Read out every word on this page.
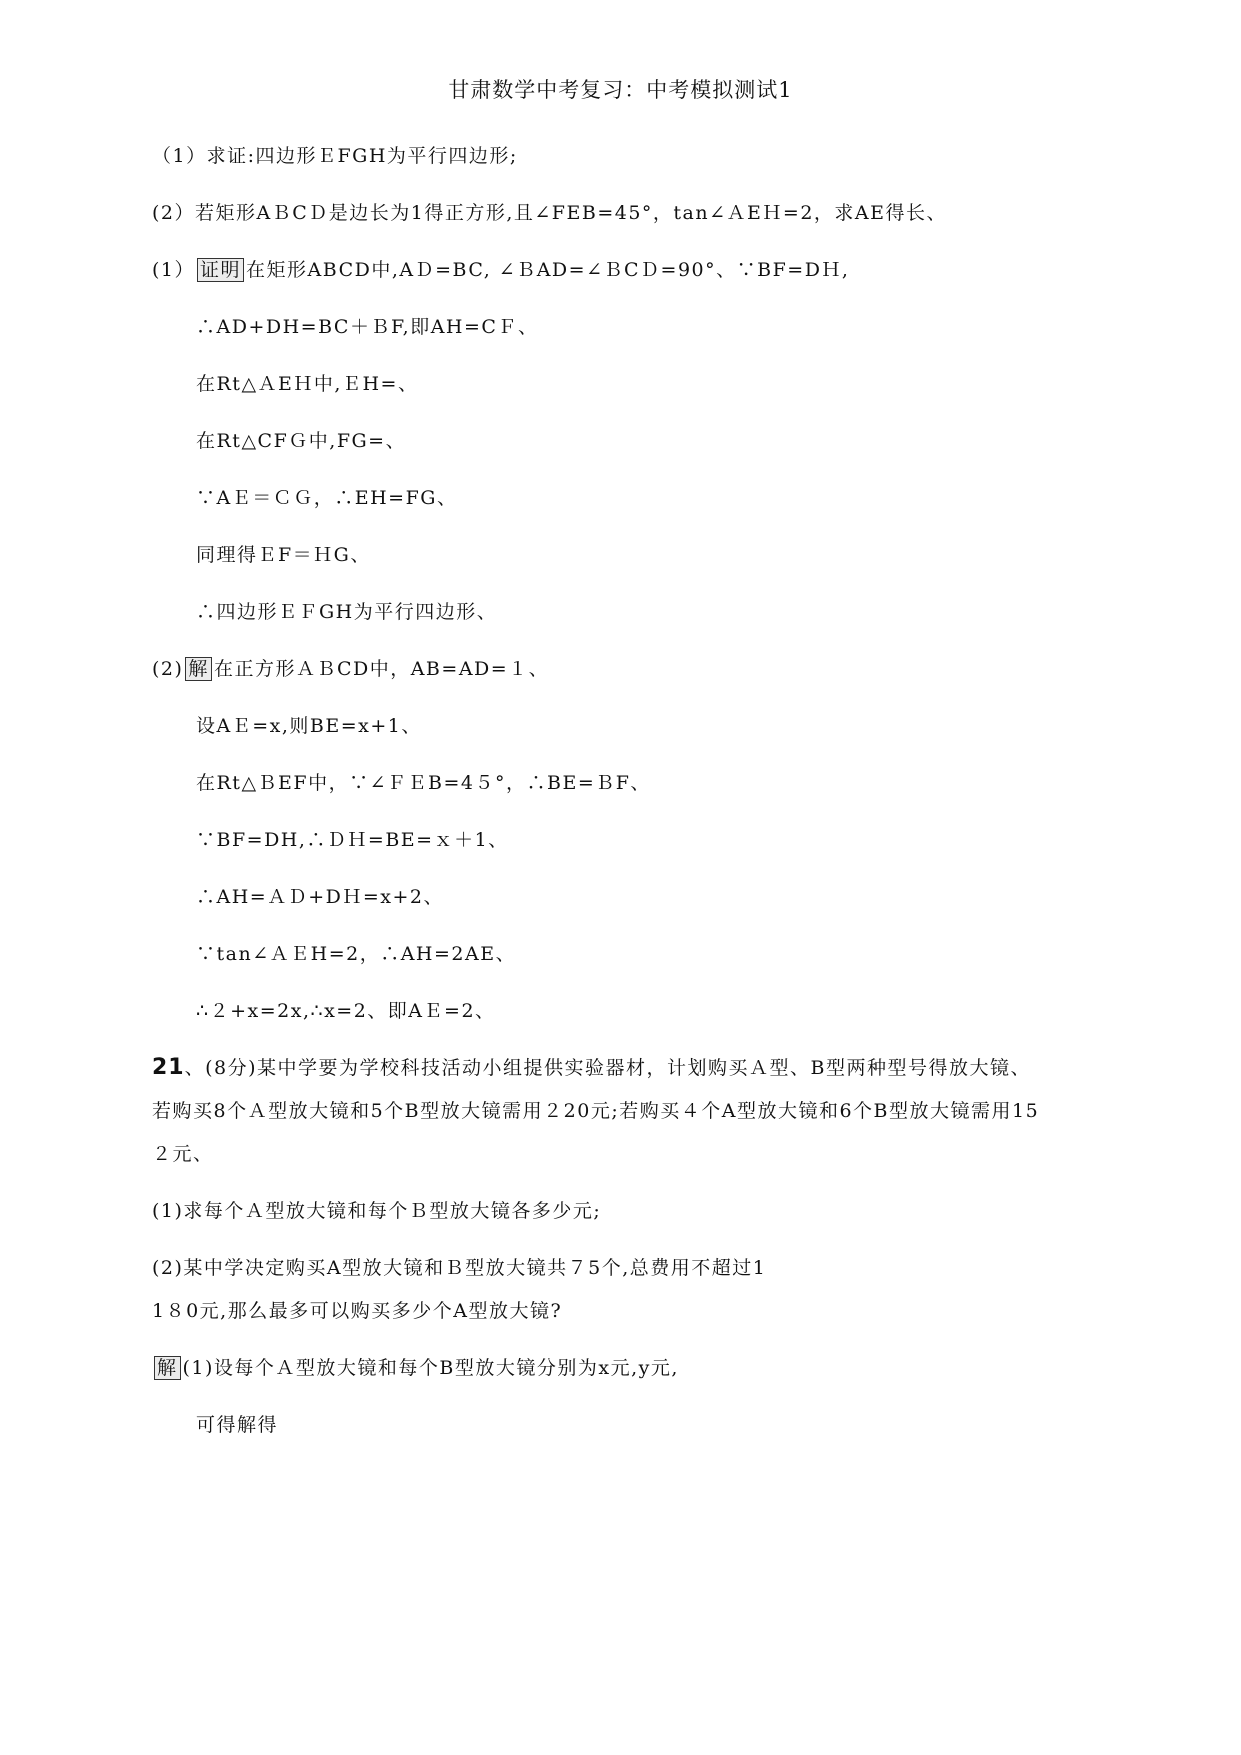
甘肃数学中考复习：中考模拟测试1
（1）求证:四边形ＥFGH为平行四边形;
(2）若矩形AＢCＤ是边长为1得正方形,且∠FEB=45°，tan∠ＡEＨ=2，求AE得长、
(1） 证明 在矩形ABCD中,AＤ=BC, ∠ＢAD=∠ＢCＤ=90°、∵BF=DＨ,
∴AD+DH=BC＋ＢF,即AH=CＦ、
在Rt△ＡEＨ中,ＥH=、
在Rt△CFＧ中,FG=、
∵AＥ＝ＣＧ，∴EH=FG、
同理得ＥF＝ＨG、
∴四边形ＥＦGH为平行四边形、
(2) 解 在正方形ＡＢCD中，AB=AD=１、
设AＥ=x,则BE=x+1、
在Rt△ＢEF中，∵∠ＦＥB=4５°，∴BE=ＢF、
∵BF=DH,∴ＤＨ=BE=ｘ＋1、
∴AH=ＡＤ+DＨ=x+2、
∵tan∠ＡＥH=2，∴AH=2AE、
∴２+x=2x,∴x=2、即AＥ=2、
21、(8分)某中学要为学校科技活动小组提供实验器材，计划购买Ａ型、B型两种型号得放大镜、
若购买8个Ａ型放大镜和5个B型放大镜需用２20元;若购买４个A型放大镜和6个B型放大镜需用15
２元、
(1)求每个Ａ型放大镜和每个Ｂ型放大镜各多少元;
(2)某中学决定购买A型放大镜和Ｂ型放大镜共７5个,总费用不超过1
1８0元,那么最多可以购买多少个A型放大镜?
解 (1)设每个Ａ型放大镜和每个B型放大镜分别为x元,y元,
可得解得
